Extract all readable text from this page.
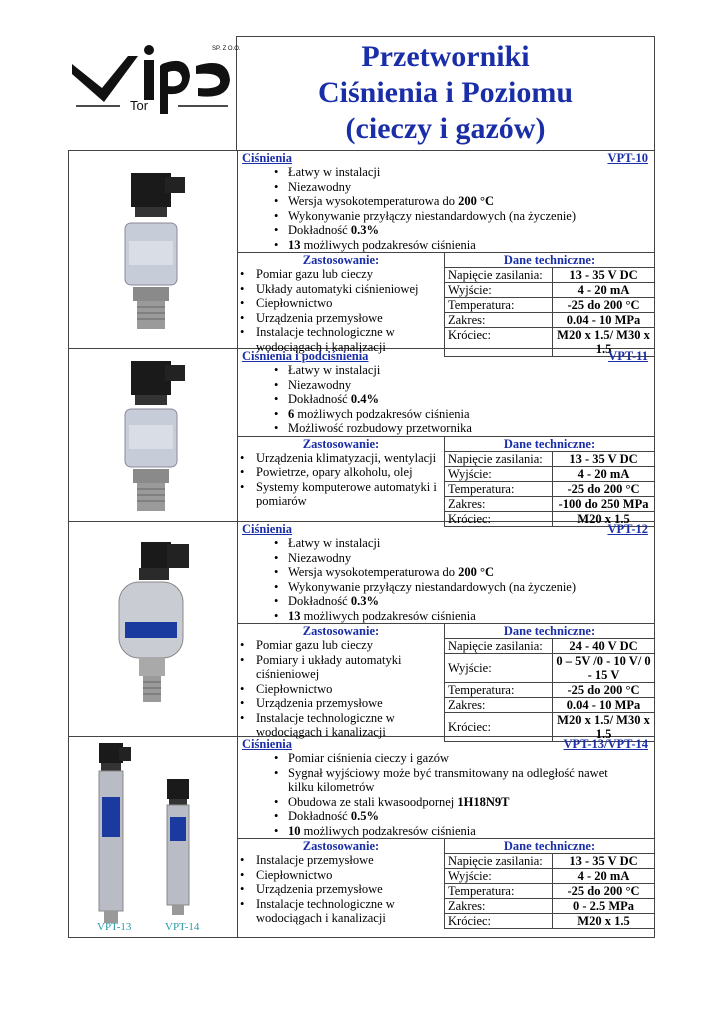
SP. Z O.O.
Tor
Przetworniki
Ciśnienia i Poziomu
(cieczy i gazów)
Ciśnienia	VPT-10
• Łatwy w instalacji
• Niezawodny
• Wersja wysokotemperaturowa do 200 °C
• Wykonywanie przyłączy niestandardowych (na życzenie)
• Dokładność 0.3%
• 13 możliwych podzakresów ciśnienia
Zastosowanie:
• Pomiar gazu lub cieczy
• Układy automatyki ciśnieniowej
• Ciepłownictwo
• Urządzenia przemysłowe
• Instalacje technologiczne w wodociągach i kanalizacji
Dane techniczne:
Napięcie zasilania:	13 - 35 V DC
Wyjście:	4 - 20 mA
Temperatura:	-25 do 200 °C
Zakres:	0.04 - 10 MPa
Króciec:	M20 x 1.5/ M30 x 1.5
Ciśnienia i podciśnienia	VPT-11
• Łatwy w instalacji
• Niezawodny
• Dokładność 0.4%
• 6 możliwych podzakresów ciśnienia
• Możliwość rozbudowy przetwornika
Zastosowanie:
• Urządzenia klimatyzacji, wentylacji
• Powietrze, opary alkoholu, olej
• Systemy komputerowe automatyki i pomiarów
Dane techniczne:
Napięcie zasilania:	13 - 35 V DC
Wyjście:	4 - 20 mA
Temperatura:	-25 do 200 °C
Zakres:	-100 do 250 MPa
Króciec:	M20 x 1.5
Ciśnienia	VPT-12
• Łatwy w instalacji
• Niezawodny
• Wersja wysokotemperaturowa do 200 °C
• Wykonywanie przyłączy niestandardowych (na życzenie)
• Dokładność 0.3%
• 13 możliwych podzakresów ciśnienia
Zastosowanie:
• Pomiar gazu lub cieczy
• Pomiary i układy automatyki ciśnieniowej
• Ciepłownictwo
• Urządzenia przemysłowe
• Instalacje technologiczne w wodociągach i kanalizacji
Dane techniczne:
Napięcie zasilania:	24 - 40 V DC
Wyjście:	0 – 5V /0 - 10 V/ 0 - 15 V
Temperatura:	-25 do 200 °C
Zakres:	0.04 - 10 MPa
Króciec:	M20 x 1.5/ M30 x 1.5
VPT-13	VPT-14
Ciśnienia	VPT-13/VPT-14
• Pomiar ciśnienia cieczy i gazów
• Sygnał wyjściowy może być transmitowany na odległość nawet kilku kilometrów
• Obudowa ze stali kwasoodpornej 1H18N9T
• Dokładność 0.5%
• 10 możliwych podzakresów ciśnienia
Zastosowanie:
• Instalacje przemysłowe
• Ciepłownictwo
• Urządzenia przemysłowe
• Instalacje technologiczne w wodociągach i kanalizacji
Dane techniczne:
Napięcie zasilania:	13 - 35 V DC
Wyjście:	4 - 20 mA
Temperatura:	-25 do 200 °C
Zakres:	0 - 2.5 MPa
Króciec:	M20 x 1.5
